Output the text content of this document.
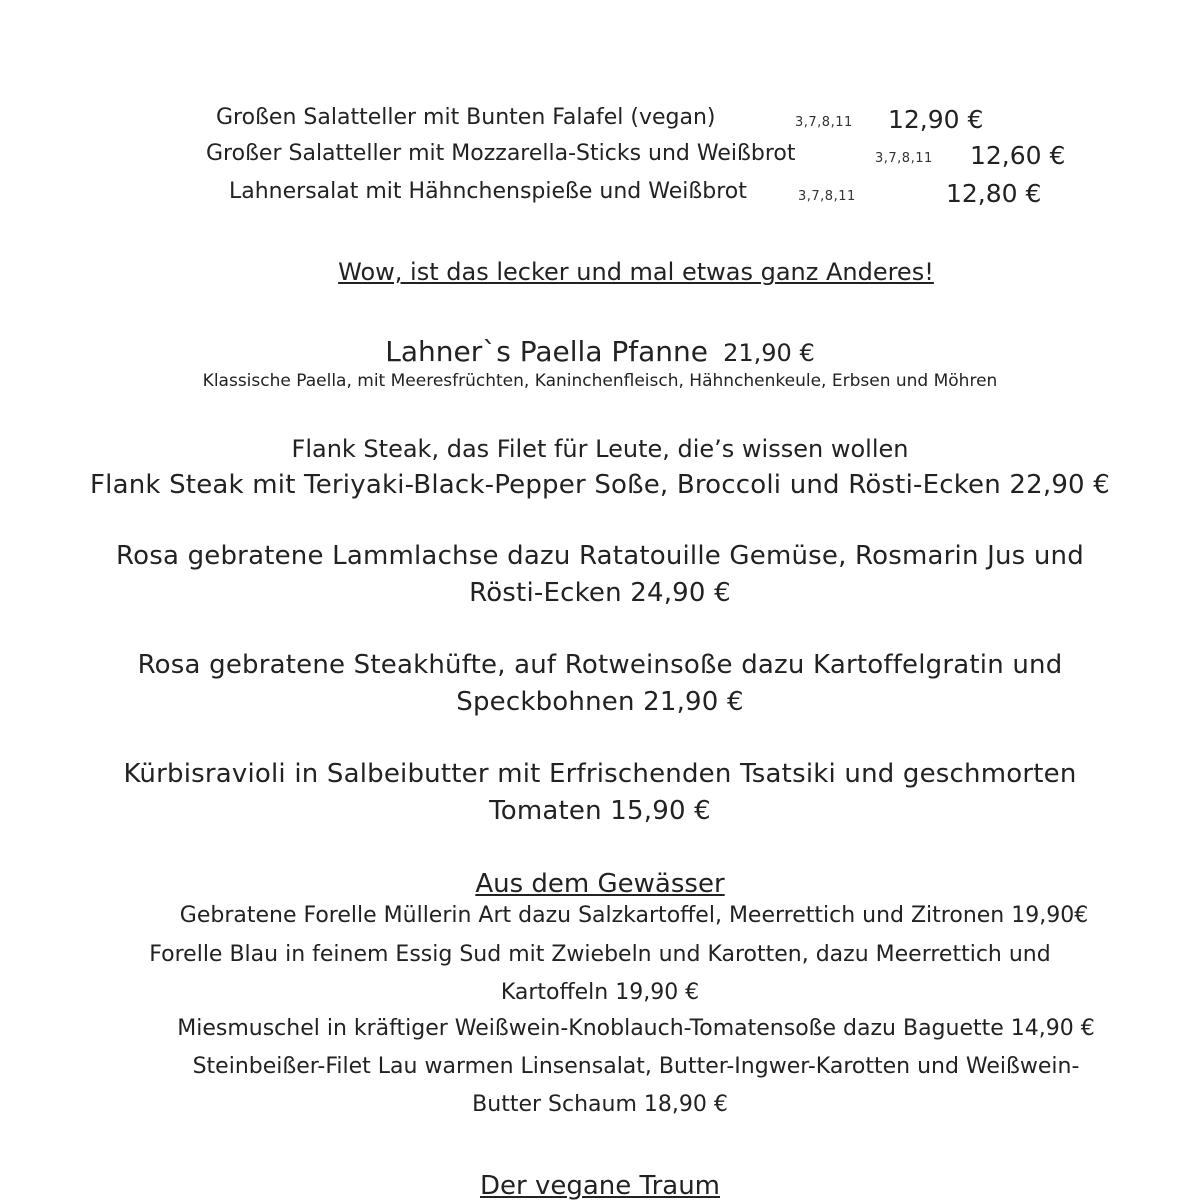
Großen Salatteller mit Bunten Falafel (vegan)	3,7,8,11 12,90 €
Großer Salatteller mit Mozzarella-Sticks und Weißbrot	3,7,8,11 12,60 €
Lahnersalat mit Hähnchenspieße und Weißbrot	3,7,8,11	12,80 €
Wow, ist das lecker und mal etwas ganz Anderes!
Lahner`s Paella Pfanne 21,90 €
Klassische Paella, mit Meeresfrüchten, Kaninchenfleisch, Hähnchenkeule, Erbsen und Möhren
Flank Steak, das Filet für Leute, die’s wissen wollen
Flank Steak mit Teriyaki-Black-Pepper Soße, Broccoli und Rösti-Ecken 22,90 €
Rosa gebratene Lammlachse dazu Ratatouille Gemüse, Rosmarin Jus und
Rösti-Ecken 24,90 €
Rosa gebratene Steakhüfte, auf Rotweinsoße dazu Kartoffelgratin und
Speckbohnen 21,90 €
Kürbisravioli in Salbeibutter mit Erfrischenden Tsatsiki und geschmorten
Tomaten 15,90 €
Aus dem Gewässer
Gebratene Forelle Müllerin Art dazu Salzkartoffel, Meerrettich und Zitronen 19,90€
Forelle Blau in feinem Essig Sud mit Zwiebeln und Karotten, dazu Meerrettich und
Kartoffeln 19,90 €
Miesmuschel in kräftiger Weißwein-Knoblauch-Tomatensoße dazu Baguette 14,90 €
Steinbeißer-Filet Lau warmen Linsensalat, Butter-Ingwer-Karotten und Weißwein-
Butter Schaum 18,90 €
Der vegane Traum
